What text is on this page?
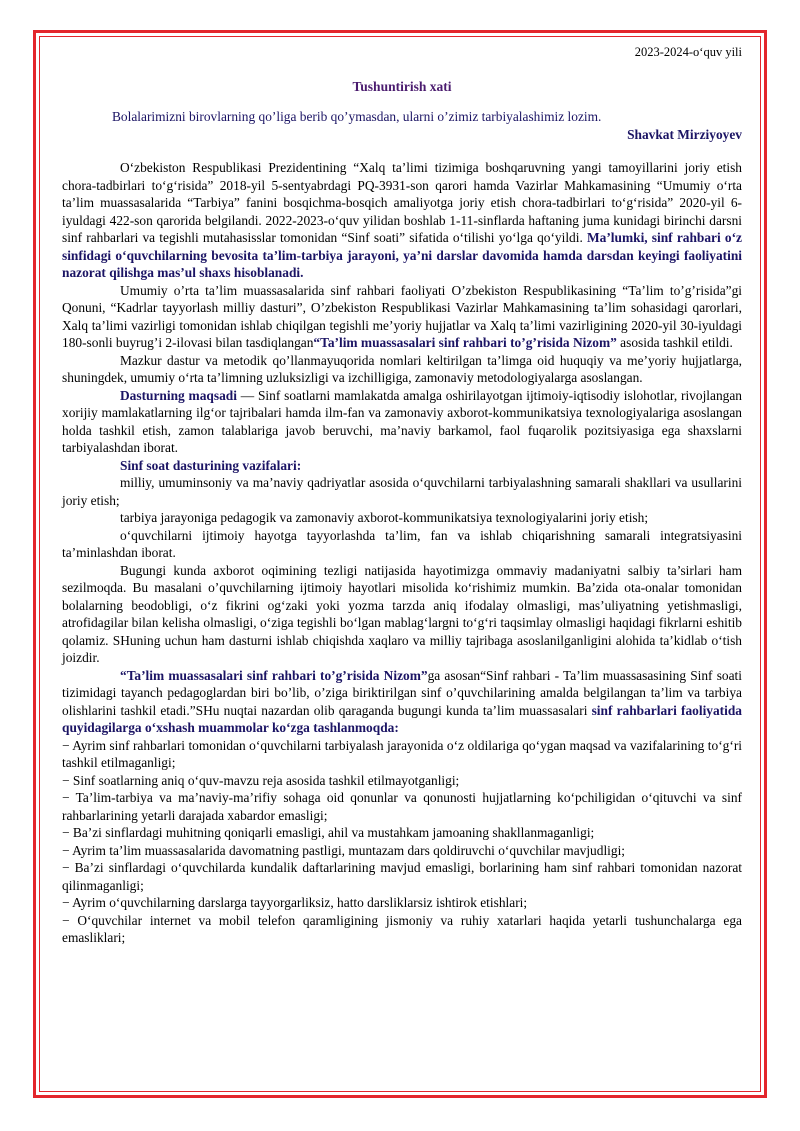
2023-2024-o‘quv yili

Tushuntirish xati

Bolalarimizni birovlarning qo’liga berib qo’ymasdan, ularni o’zimiz tarbiyalashimiz lozim.

Shavkat Mirziyoyev

O‘zbekiston Respublikasi Prezidentining “Xalq ta’limi tizimiga boshqaruvning yangi tamoyillarini joriy etish chora-tadbirlari to‘g‘risida” 2018-yil 5-sentyabrdagi PQ-3931-son qarori hamda Vazirlar Mahkamasining “Umumiy o‘rta ta’lim muassasalarida “Tarbiya” fanini bosqichma-bosqich amaliyotga joriy etish chora-tadbirlari to‘g‘risida” 2020-yil 6-iyuldagi 422-son qarorida belgilandi. 2022-2023-o‘quv yilidan boshlab 1-11-sinflarda haftaning juma kunidagi birinchi darsni sinf rahbarlari va tegishli mutahasisslar tomonidan “Sinf soati” sifatida o‘tilishi yo‘lga qo‘yildi. Ma’lumki, sinf rahbari o‘z sinfidagi o‘quvchilarning bevosita ta’lim-tarbiya jarayoni, ya’ni darslar davomida hamda darsdan keyingi faoliyatini nazorat qilishga mas’ul shaxs hisoblanadi.

Umumiy o’rta ta’lim muassasalarida sinf rahbari faoliyati O’zbekiston Respublikasining “Ta’lim to’g’risida”gi Qonuni, “Kadrlar tayyorlash milliy dasturi”, O’zbekiston Respublikasi Vazirlar Mahkamasining ta’lim sohasidagi qarorlari, Xalq ta’limi vazirligi tomonidan ishlab chiqilgan tegishli me’yoriy hujjatlar va Xalq ta’limi vazirligining 2020-yil 30-iyuldagi 180-sonli buyrug’i 2-ilovasi bilan tasdiqlangan“Ta’lim muassasalari sinf rahbari to’g’risida Nizom” asosida tashkil etildi.

Mazkur dastur va metodik qo’llanmayuqorida nomlari keltirilgan ta’limga oid huquqiy va me’yoriy hujjatlarga, shuningdek, umumiy o‘rta ta’limning uzluksizligi va izchilligiga, zamonaviy metodologiyalarga asoslangan.

Dasturning maqsadi — Sinf soatlarni mamlakatda amalga oshirilayotgan ijtimoiy-iqtisodiy islohotlar, rivojlangan xorijiy mamlakatlarning ilg‘or tajribalari hamda ilm-fan va zamonaviy axborot-kommunikatsiya texnologiyalariga asoslangan holda tashkil etish, zamon talablariga javob beruvchi, ma’naviy barkamol, faol fuqarolik pozitsiyasiga ega shaxslarni tarbiyalashdan iborat.

Sinf soat dasturining vazifalari:

milliy, umuminsoniy va ma’naviy qadriyatlar asosida o‘quvchilarni tarbiyalashning samarali shakllari va usullarini joriy etish;

tarbiya jarayoniga pedagogik va zamonaviy axborot-kommunikatsiya texnologiyalarini joriy etish;

o‘quvchilarni ijtimoiy hayotga tayyorlashda ta’lim, fan va ishlab chiqarishning samarali integratsiyasini ta’minlashdan iborat.

Bugungi kunda axborot oqimining tezligi natijasida hayotimizga ommaviy madaniyatni salbiy ta’sirlari ham sezilmoqda. Bu masalani o’quvchilarning ijtimoiy hayotlari misolida ko‘rishimiz mumkin. Ba’zida ota-onalar tomonidan bolalarning beodobligi, o‘z fikrini og‘zaki yoki yozma tarzda aniq ifodalay olmasligi, mas’uliyatning yetishmasligi, atrofidagilar bilan kelisha olmasligi, o‘ziga tegishli bo‘lgan mablag‘largni to‘g‘ri taqsimlay olmasligi haqidagi fikrlarni eshitib qolamiz. SHuning uchun ham dasturni ishlab chiqishda xaqlaro va milliy tajribaga asoslanilganligini alohida ta’kidlab o‘tish joizdir.

“Ta’lim muassasalari sinf rahbari to’g’risida Nizom”ga asosan“Sinf rahbari - Ta’lim muassasasining Sinf soati tizimidagi tayanch pedagoglardan biri bo’lib, o’ziga biriktirilgan sinf o’quvchilarining amalda belgilangan ta’lim va tarbiya olishlarini tashkil etadi.”SHu nuqtai nazardan olib qaraganda bugungi kunda ta’lim muassasalari sinf rahbarlari faoliyatida quyidagilarga o‘xshash muammolar ko‘zga tashlanmoqda:

− Ayrim sinf rahbarlari tomonidan o‘quvchilarni tarbiyalash jarayonida o‘z oldilariga qo‘ygan maqsad va vazifalarining to‘g‘ri tashkil etilmaganligi;
− Sinf soatlarning aniq o‘quv-mavzu reja asosida tashkil etilmayotganligi;
− Ta’lim-tarbiya va ma’naviy-ma’rifiy sohaga oid qonunlar va qonunosti hujjatlarning ko‘pchiligidan o‘qituvchi va sinf rahbarlarining yetarli darajada xabardor emasligi;
− Ba’zi sinflardagi muhitning qoniqarli emasligi, ahil va mustahkam jamoaning shakllanmaganligi;
− Ayrim ta’lim muassasalarida davomatning pastligi, muntazam dars qoldiruvchi o‘quvchilar mavjudligi;
− Ba’zi sinflardagi o‘quvchilarda kundalik daftarlarining mavjud emasligi, borlarining ham sinf rahbari tomonidan nazorat qilinmaganligi;
− Ayrim o‘quvchilarning darslarga tayyorgarliksiz, hatto darsliklarsiz ishtirok etishlari;
− O‘quvchilar internet va mobil telefon qaramligining jismoniy va ruhiy xatarlari haqida yetarli tushunchalarga ega emasliklari;
